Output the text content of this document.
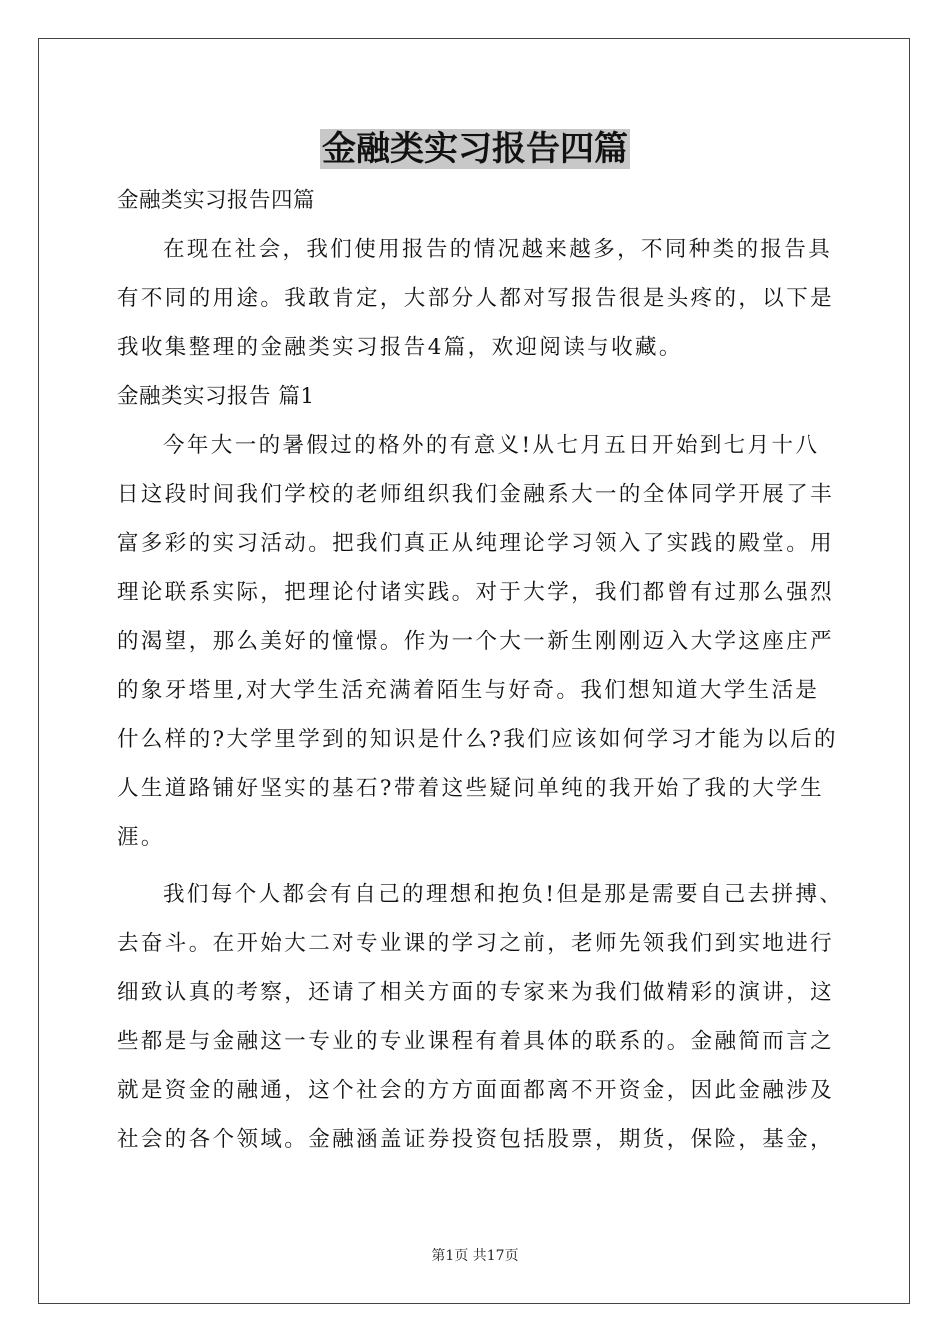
金融类实习报告四篇
金融类实习报告四篇
在现在社会，我们使用报告的情况越来越多，不同种类的报告具
有不同的用途。我敢肯定，大部分人都对写报告很是头疼的，以下是
我收集整理的金融类实习报告4篇，欢迎阅读与收藏。
金融类实习报告 篇1
今年大一的暑假过的格外的有意义!从七月五日开始到七月十八
日这段时间我们学校的老师组织我们金融系大一的全体同学开展了丰
富多彩的实习活动。把我们真正从纯理论学习领入了实践的殿堂。用
理论联系实际，把理论付诸实践。对于大学，我们都曾有过那么强烈
的渴望，那么美好的憧憬。作为一个大一新生刚刚迈入大学这座庄严
的象牙塔里,对大学生活充满着陌生与好奇。我们想知道大学生活是
什么样的?大学里学到的知识是什么?我们应该如何学习才能为以后的
人生道路铺好坚实的基石?带着这些疑问单纯的我开始了我的大学生
涯。
我们每个人都会有自己的理想和抱负!但是那是需要自己去拼搏、
去奋斗。在开始大二对专业课的学习之前，老师先领我们到实地进行
细致认真的考察，还请了相关方面的专家来为我们做精彩的演讲，这
些都是与金融这一专业的专业课程有着具体的联系的。金融简而言之
就是资金的融通，这个社会的方方面面都离不开资金，因此金融涉及
社会的各个领域。金融涵盖证券投资包括股票，期货，保险，基金，
第1页 共17页
